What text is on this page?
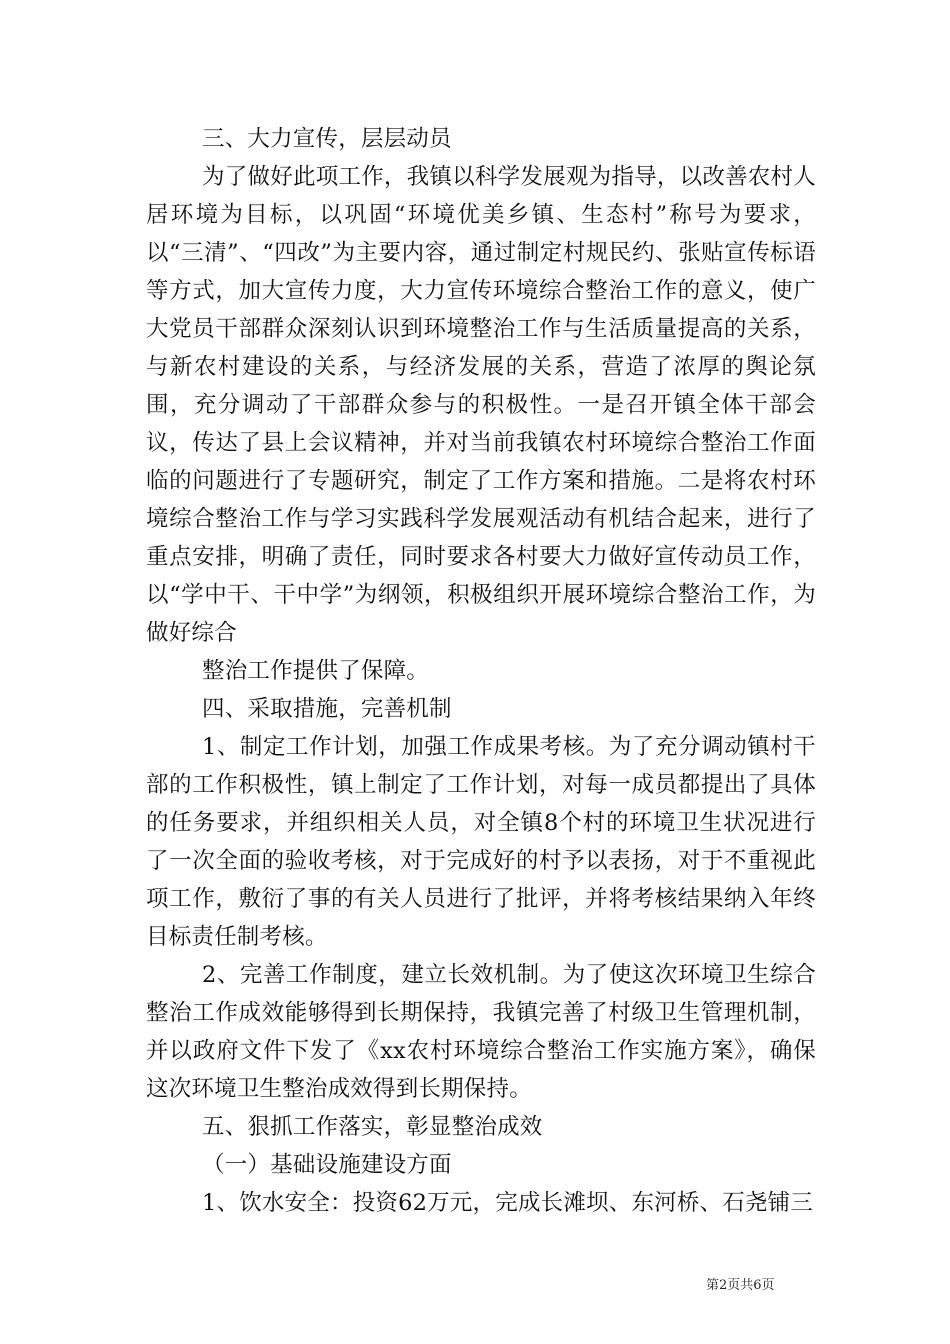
三、大力宣传，层层动员

为了做好此项工作，我镇以科学发展观为指导，以改善农村人居环境为目标，以巩固“环境优美乡镇、生态村”称号为要求，以“三清”、“四改”为主要内容，通过制定村规民约、张贴宣传标语等方式，加大宣传力度，大力宣传环境综合整治工作的意义，使广大党员干部群众深刻认识到环境整治工作与生活质量提高的关系，与新农村建设的关系，与经济发展的关系，营造了浓厚的舆论氛围，充分调动了干部群众参与的积极性。一是召开镇全体干部会议，传达了县上会议精神，并对当前我镇农村环境综合整治工作面临的问题进行了专题研究，制定了工作方案和措施。二是将农村环境综合整治工作与学习实践科学发展观活动有机结合起来，进行了重点安排，明确了责任，同时要求各村要大力做好宣传动员工作，以“学中干、干中学”为纲领，积极组织开展环境综合整治工作，为做好综合

整治工作提供了保障。

四、采取措施，完善机制

1、制定工作计划，加强工作成果考核。为了充分调动镇村干部的工作积极性，镇上制定了工作计划，对每一成员都提出了具体的任务要求，并组织相关人员，对全镇8个村的环境卫生状况进行了一次全面的验收考核，对于完成好的村予以表扬，对于不重视此项工作，敷衍了事的有关人员进行了批评，并将考核结果纳入年终目标责任制考核。

2、完善工作制度，建立长效机制。为了使这次环境卫生综合整治工作成效能够得到长期保持，我镇完善了村级卫生管理机制，并以政府文件下发了《xx农村环境综合整治工作实施方案》，确保这次环境卫生整治成效得到长期保持。

五、狠抓工作落实，彰显整治成效

（一）基础设施建设方面

1、饮水安全：投资62万元，完成长滩坝、东河桥、石尧铺三

第2页共6页
